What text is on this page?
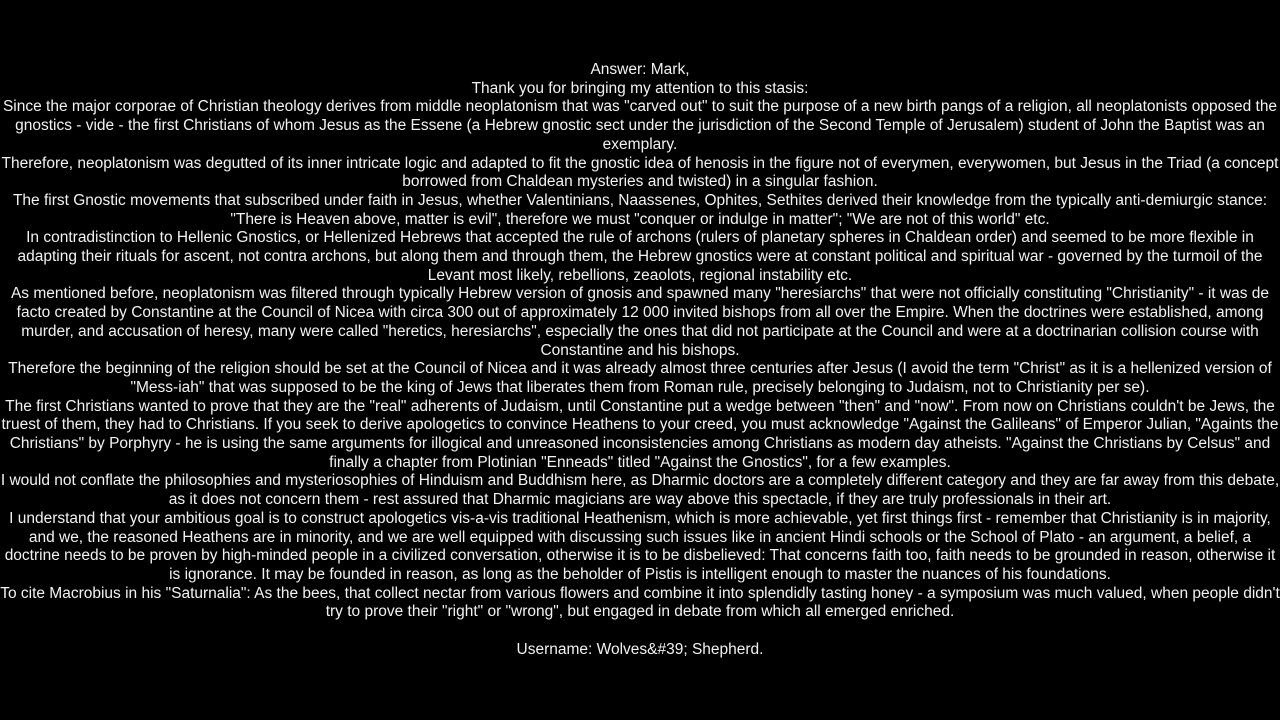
Answer: Mark,

Thank you for bringing my attention to this stasis:

Since the major corporae of Christian theology derives from middle neoplatonism that was "carved out" to suit the purpose of a new birth pangs of a religion, all neoplatonists opposed the gnostics - vide - the first Christians of whom Jesus as the Essene (a Hebrew gnostic sect under the jurisdiction of the Second Temple of Jerusalem) student of John the Baptist was an exemplary.

Therefore, neoplatonism was degutted of its inner intricate logic and adapted to fit the gnostic idea of henosis in the figure not of everymen, everywomen, but Jesus in the Triad (a concept borrowed from Chaldean mysteries and twisted) in a singular fashion.

The first Gnostic movements that subscribed under faith in Jesus, whether Valentinians, Naassenes, Ophites, Sethites derived their knowledge from the typically anti-demiurgic stance: "There is Heaven above, matter is evil", therefore we must "conquer or indulge in matter"; "We are not of this world" etc.

In contradistinction to Hellenic Gnostics, or Hellenized Hebrews that accepted the rule of archons (rulers of planetary spheres in Chaldean order) and seemed to be more flexible in adapting their rituals for ascent, not contra archons, but along them and through them, the Hebrew gnostics were at constant political and spiritual war - governed by the turmoil of the Levant most likely, rebellions, zeaolots, regional instability etc.

As mentioned before, neoplatonism was filtered through typically Hebrew version of gnosis and spawned many "heresiarchs" that were not officially constituting "Christianity" - it was de facto created by Constantine at the Council of Nicea with circa 300 out of approximately 12 000 invited bishops from all over the Empire. When the doctrines were established, among murder, and accusation of heresy, many were called "heretics, heresiarchs", especially the ones that did not participate at the Council and were at a doctrinarian collision course with Constantine and his bishops.

Therefore the beginning of the religion should be set at the Council of Nicea and it was already almost three centuries after Jesus (I avoid the term "Christ" as it is a hellenized version of "Mess-iah" that was supposed to be the king of Jews that liberates them from Roman rule, precisely belonging to Judaism, not to Christianity per se).

The first Christians wanted to prove that they are the "real" adherents of Judaism, until Constantine put a wedge between "then" and "now". From now on Christians couldn't be Jews, the truest of them, they had to Christians. If you seek to derive apologetics to convince Heathens to your creed, you must acknowledge "Against the Galileans" of Emperor Julian, "Againts the Christians" by Porphyry - he is using the same arguments for illogical and unreasoned inconsistencies among Christians as modern day atheists. "Against the Christians by Celsus" and finally a chapter from Plotinian "Enneads" titled "Against the Gnostics", for a few examples.

I would not conflate the philosophies and mysteriosophies of Hinduism and Buddhism here, as Dharmic doctors are a completely different category and they are far away from this debate, as it does not concern them - rest assured that Dharmic magicians are way above this spectacle, if they are truly professionals in their art.

I understand that your ambitious goal is to construct apologetics vis-a-vis traditional Heathenism, which is more achievable, yet first things first - remember that Christianity is in majority, and we, the reasoned Heathens are in minority, and we are well equipped with discussing such issues like in ancient Hindi schools or the School of Plato - an argument, a belief, a doctrine needs to be proven by high-minded people in a civilized conversation, otherwise it is to be disbelieved: That concerns faith too, faith needs to be grounded in reason, otherwise it is ignorance. It may be founded in reason, as long as the beholder of Pistis is intelligent enough to master the nuances of his foundations.

To cite Macrobius in his "Saturnalia": As the bees, that collect nectar from various flowers and combine it into splendidly tasting honey - a symposium was much valued, when people didn't try to prove their "right" or "wrong", but engaged in debate from which all emerged enriched.

Username: Wolves&#39; Shepherd.
